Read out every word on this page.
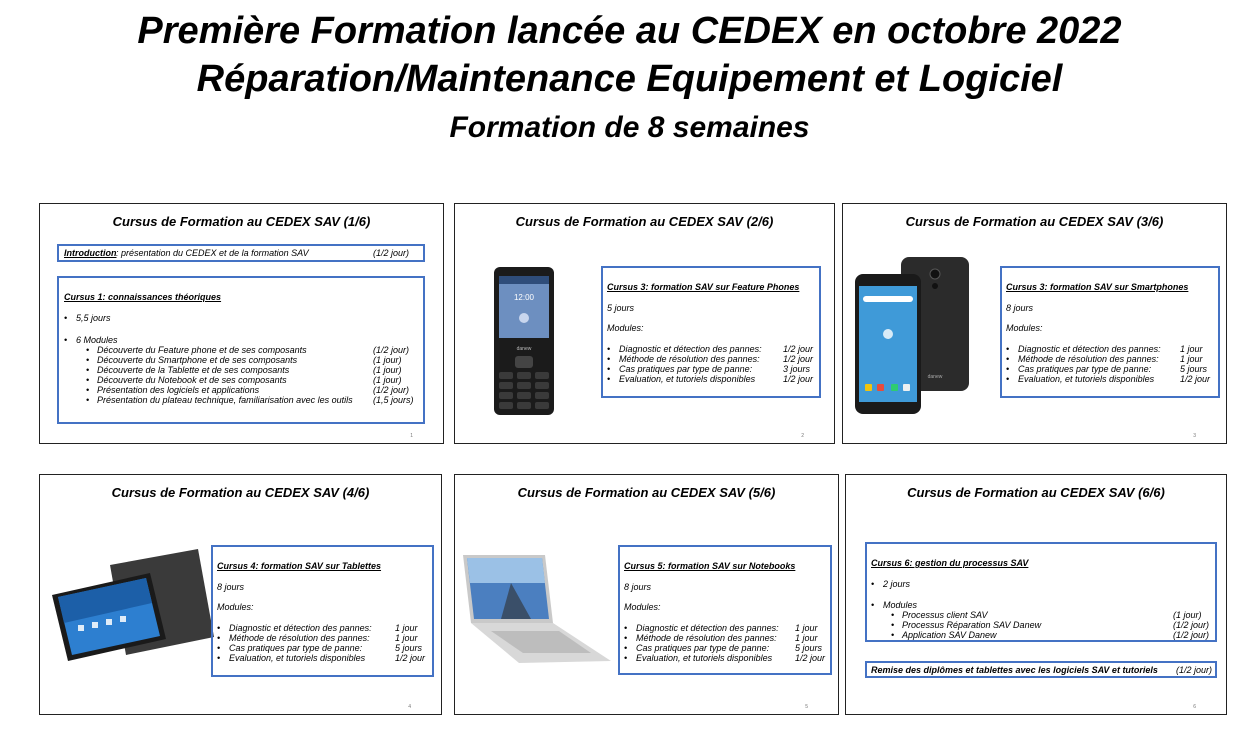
Première Formation lancée au CEDEX en octobre 2022
Réparation/Maintenance Equipement et Logiciel
Formation de 8 semaines
Cursus de Formation au CEDEX SAV (1/6)
Introduction : présentation du CEDEX et de la formation SAV	(1/2 jour)
Cursus 1: connaissances théoriques
• 5,5 jours
• 6 Modules
• Découverte du Feature phone et de ses composants	(1/2 jour)
• Découverte du Smartphone et de ses composants	(1 jour)
• Découverte de la Tablette et de ses composants	(1 jour)
• Découverte du Notebook et de ses composants	(1 jour)
• Présentation des logiciels et applications	(1/2 jour)
• Présentation du plateau technique, familiarisation avec les outils (1,5 jours)
1
Cursus de Formation au CEDEX SAV (2/6)
12:00
danew
Cursus 3: formation SAV sur Feature Phones
5 jours
Modules:
• Diagnostic et détection des pannes: 1/2 jour
• Méthode de résolution des pannes:	1/2 jour
• Cas pratiques par type de panne:	3 jours
• Evaluation, et tutoriels disponibles	1/2 jour
2
Cursus de Formation au CEDEX SAV (3/6)
danew
Cursus 3: formation SAV sur Smartphones
8 jours
Modules:
• Diagnostic et détection des pannes: 1 jour
• Méthode de résolution des pannes: 1 jour
• Cas pratiques par type de panne:	5 jours
• Evaluation, et tutoriels disponibles	1/2 jour
3
Cursus de Formation au CEDEX SAV (4/6)
Cursus 4: formation SAV sur Tablettes
8 jours
Modules:
• Diagnostic et détection des pannes:	1 jour
• Méthode de résolution des pannes:	1 jour
• Cas pratiques par type de panne:	5 jours
• Evaluation, et tutoriels disponibles	1/2 jour
4
Cursus de Formation au CEDEX SAV (5/6)
Cursus 5: formation SAV sur Notebooks
8 jours
Modules:
• Diagnostic et détection des pannes: 1 jour
• Méthode de résolution des pannes: 1 jour
• Cas pratiques par type de panne:	5 jours
• Evaluation, et tutoriels disponibles	1/2 jour
5
Cursus de Formation au CEDEX SAV (6/6)
Cursus 6: gestion du processus SAV
• 2 jours
• Modules
• Processus client SAV	(1 jour)
• Processus Réparation SAV Danew	(1/2 jour)
• Application SAV Danew	(1/2 jour)
Remise des diplômes et tablettes avec les logiciels SAV et tutoriels (1/2 jour)
6
